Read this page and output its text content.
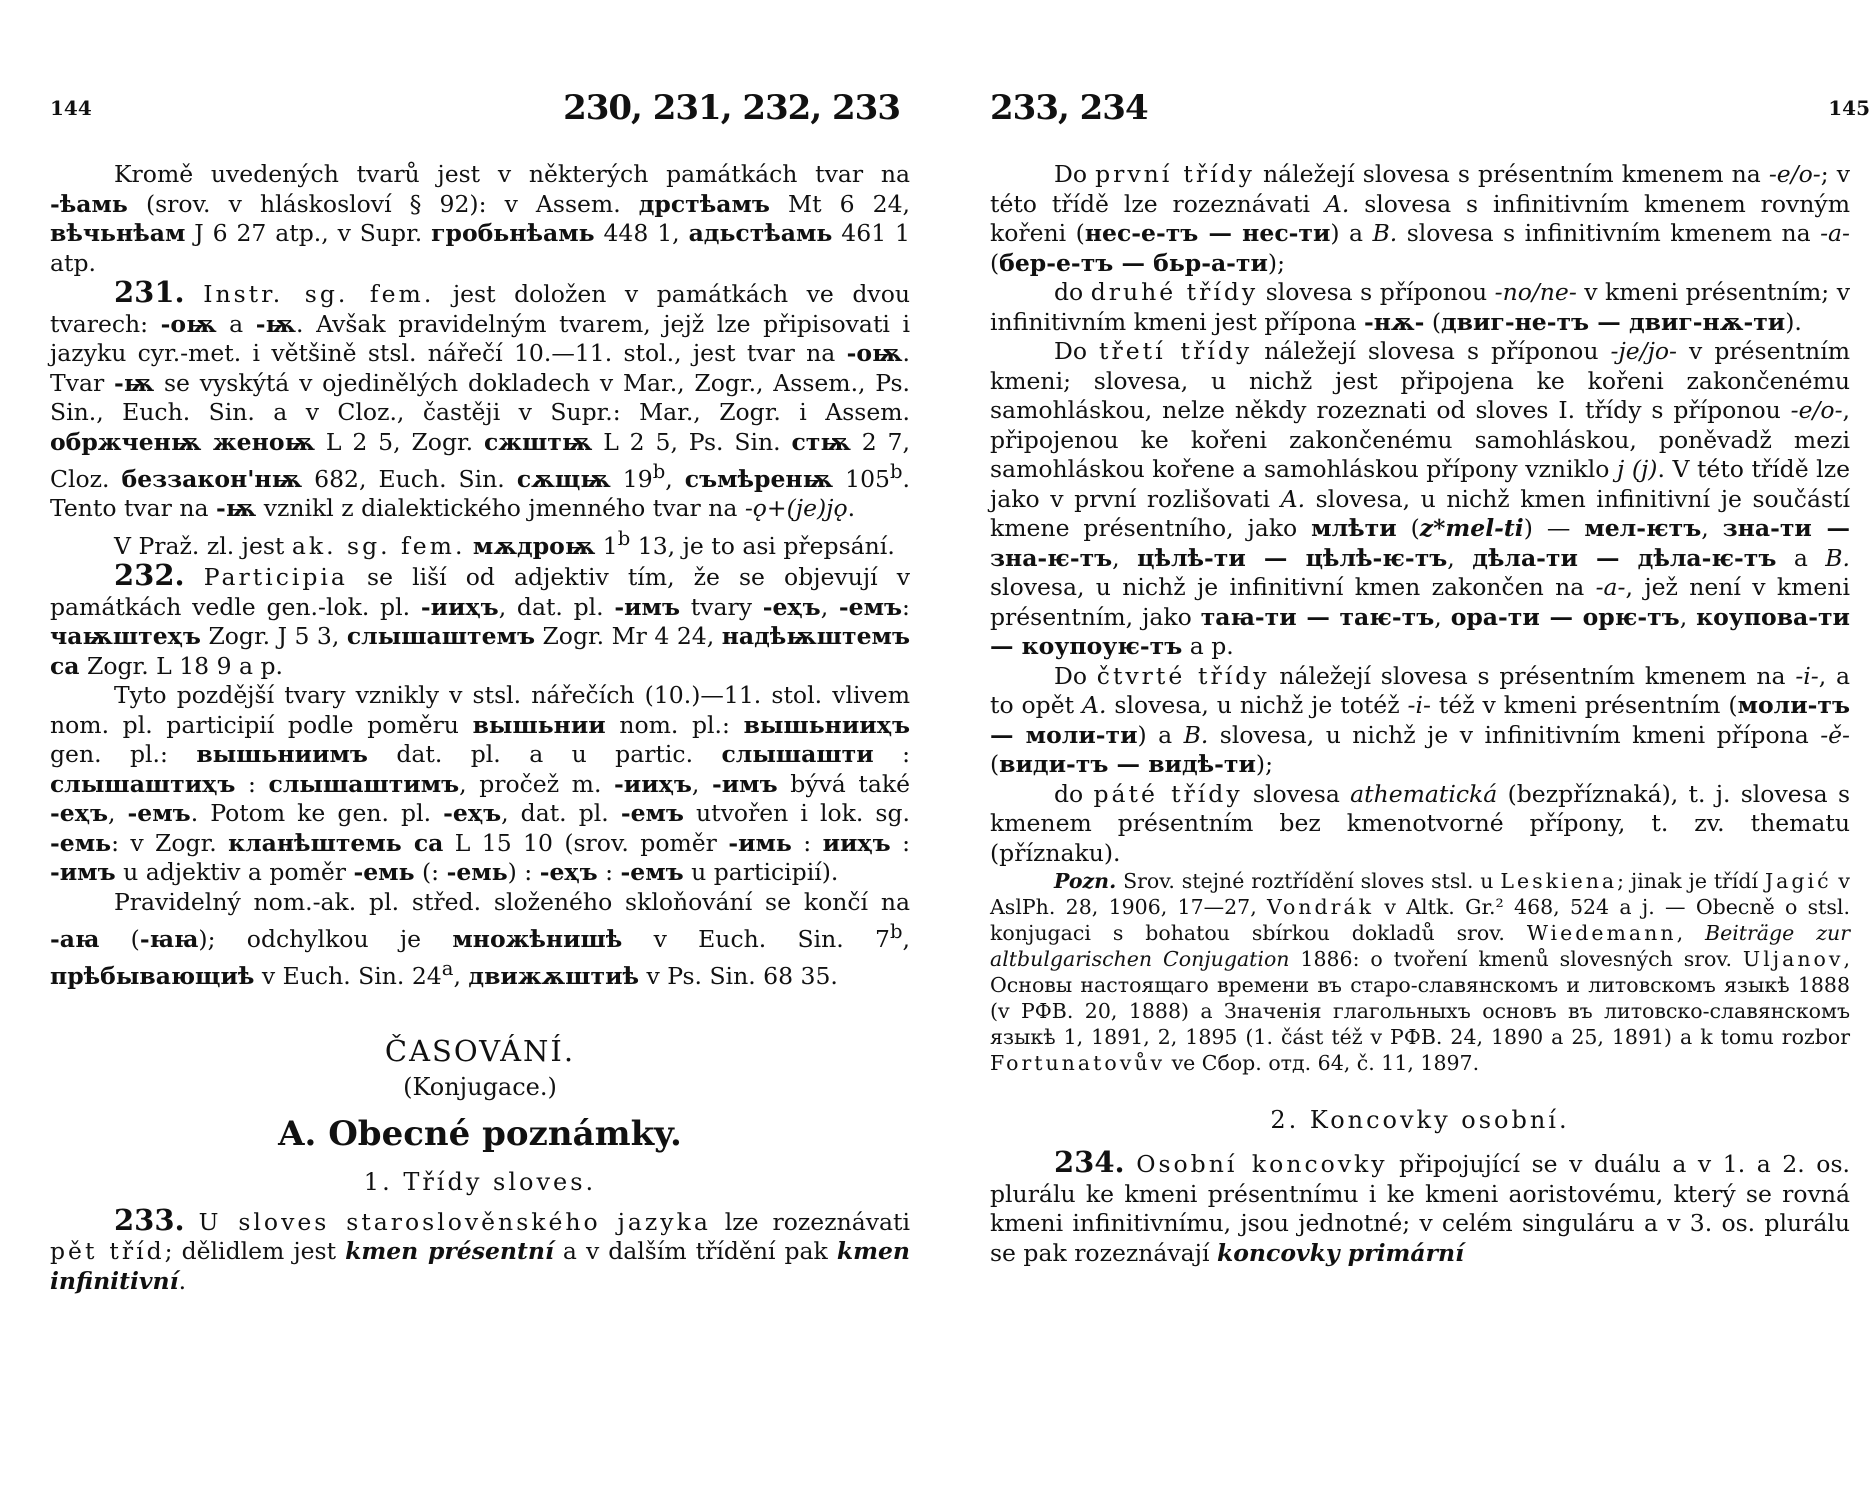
144	230, 231, 232, 233

Kromě uvedených tvarů jest v některých památkách tvar na -ѣамь (srov. v hláskosloví § 92): v Assem. дрстѣамъ Mt 6 24, вѣчьнѣам J 6 27 atp., v Supr. гробьнѣамь 448 1, адьстѣамь 461 1 atp.

231. Instr. sg. fem. jest doložen v památkách ve dvou tvarech: -оѭ a -ѭ. Avšak pravidelným tvarem, jejž lze připisovati i jazyku cyr.-met. i většině stsl. nářečí 10.—11. stol., jest tvar na -оѭ. Tvar -ѭ se vyskýtá v ojedinělých dokladech v Mar., Zogr., Assem., Ps. Sin., Euch. Sin. a v Cloz., častěji v Supr.: Mar., Zogr. i Assem. обржченѭ женоѭ L 2 5, Zogr. сжштѭ L 2 5, Ps. Sin. стѭ 2 7, Cloz. беззакон'нѭ 682, Euch. Sin. сѫщѭ 19$^b$, съмѣренѭ 105$^b$. Tento tvar na -ѭ vznikl z dialektického jmenného tvar na -ǫ+(je)jǫ.

V Praž. zl. jest ak. sg. fem. мѫдроѭ 1$^b$ 13, je to asi přepsání.

232. Participia se liší od adjektiv tím, že se objevují v památkách vedle gen.-lok. pl. -ииҳъ, dat. pl. -имъ tvary -еҳъ, -емъ: чаѭштеҳъ Zogr. J 5 3, слышаштемъ Zogr. Mr 4 24, надѣѭштемъ са Zogr. L 18 9 a p.

Tyto pozdější tvary vznikly v stsl. nářečích (10.)—11. stol. vlivem nom. pl. participií podle poměru вышьнии nom. pl.: вышьнииҳъ gen. pl.: вышьниимъ dat. pl. a u partic. слышашти : слышаштиҳъ : слышаштимъ, pročež m. -ииҳъ, -имъ bývá také -еҳъ, -емъ. Potom ke gen. pl. -еҳъ, dat. pl. -емъ utvořen i lok. sg. -емь: v Zogr. кланѣштемь са L 15 10 (srov. poměr -имь : ииҳъ : -имъ u adjektiv a poměr -емь (: -емь) : -еҳъ : -емъ u participií).

Pravidelný nom.-ak. pl. střed. složeného skloňování se končí na -аꙗ (-ꙗꙗ); odchylkou je множѣнишѣ v Euch. Sin. 7$^b$, прѣбывающиѣ v Euch. Sin. 24$^a$, движѫштиѣ v Ps. Sin. 68 35.

ČASOVÁNÍ.
(Konjugace.)
A. Obecné poznámky.
1. Třídy sloves.

233. U sloves staroslověnského jazyka lze rozeznávati pět tříd; dělidlem jest kmen présentní a v dalším třídění pak kmen infinitivní.

233, 234	145

Do první třídy náležejí slovesa s présentním kmenem na -e/o-; v této třídě lze rozeznávati A. slovesa s infinitivním kmenem rovným kořeni (нес-е-тъ — нес-ти) a B. slovesa s infinitivním kmenem na -a- (бер-е-тъ — бьр-а-ти);

do druhé třídy slovesa s příponou -no/ne- v kmeni présentním; v infinitivním kmeni jest přípona -нѫ- (двиг-не-тъ — двиг-нѫ-ти).

Do třetí třídy náležejí slovesa s příponou -je/jo- v présentním kmeni; slovesa, u nichž jest připojena ke kořeni zakončenému samohláskou, nelze někdy rozeznati od sloves I. třídy s příponou -e/o-, připojenou ke kořeni zakončenému samohláskou, poněvadž mezi samohláskou kořene a samohláskou přípony vzniklo j (j). V této třídě lze jako v první rozlišovati A. slovesa, u nichž kmen infinitivní je součástí kmene présentního, jako млѣти (z*mel-ti) — мел-ѥтъ, зна-ти — зна-ѥ-тъ, цѣлѣ-ти — цѣлѣ-ѥ-тъ, дѣла-ти — дѣла-ѥ-тъ a B. slovesa, u nichž je infinitivní kmen zakončen na -a-, jež není v kmeni présentním, jako таꙗ-ти — таѥ-тъ, ора-ти — орѥ-тъ, коупова-ти — коупоуѥ-тъ a p.

Do čtvrté třídy náležejí slovesa s présentním kmenem na -i-, a to opět A. slovesa, u nichž je totéž -i- též v kmeni présentním (моли-тъ — моли-ти) a B. slovesa, u nichž je v infinitivním kmeni přípona -ě- (види-тъ — видѣ-ти);

do páté třídy slovesa athematická (bezpříznaká), t. j. slovesa s kmenem présentním bez kmenotvorné přípony, t. zv. thematu (příznaku).

Pozn. Srov. stejné roztřídění sloves stsl. u Leskiena; jinak je třídí Jagić v AslPh. 28, 1906, 17—27, Vondrák v Altk. Gr.² 468, 524 a j. — Obecně o stsl. konjugaci s bohatou sbírkou dokladů srov. Wiedemann, Beiträge zur altbulgarischen Conjugation 1886: o tvoření kmenů slovesných srov. Uljanov, Основы настоящаго времени въ старо-славянскомъ и литовскомъ языкѣ 1888 (v РФВ. 20, 1888) a Значенія глагольныхъ основъ въ литовско-славянскомъ языкѣ 1, 1891, 2, 1895 (1. část též v РФВ. 24, 1890 a 25, 1891) a k tomu rozbor Fortunatovův ve Сбор. отд. 64, č. 11, 1897.

2. Koncovky osobní.

234. Osobní koncovky připojující se v duálu a v 1. a 2. os. plurálu ke kmeni présentnímu i ke kmeni aoristovému, který se rovná kmeni infinitivnímu, jsou jednotné; v celém singuláru a v 3. os. plurálu se pak rozeznávají koncovky primární
